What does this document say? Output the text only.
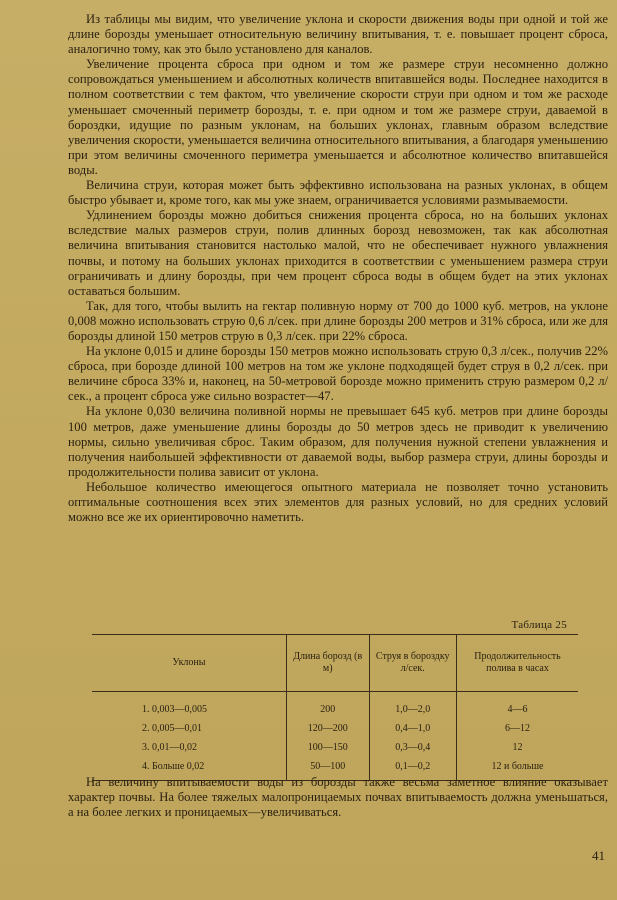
Из таблицы мы видим, что увеличение уклона и скорости движения воды при одной и той же длине борозды уменьшает относительную величину впитывания, т. е. повышает процент сброса, аналогично тому, как это было установлено для каналов.

Увеличение процента сброса при одном и том же размере струи несомненно должно сопровождаться уменьшением и абсолютных количеств впитавшейся воды. Последнее находится в полном соответствии с тем фактом, что увеличение скорости струи при одном и том же расходе уменьшает смоченный периметр борозды, т. е. при одном и том же размере струи, даваемой в бороздки, идущие по разным уклонам, на больших уклонах, главным образом вследствие увеличения скорости, уменьшается величина относительного впитывания, а благодаря уменьшению при этом величины смоченного периметра уменьшается и абсолютное количество впитавшейся воды.

Величина струи, которая может быть эффективно использована на разных уклонах, в общем быстро убывает и, кроме того, как мы уже знаем, ограничивается условиями размываемости.

Удлинением борозды можно добиться снижения процента сброса, но на больших уклонах вследствие малых размеров струи, полив длинных борозд невозможен, так как абсолютная величина впитывания становится настолько малой, что не обеспечивает нужного увлажнения почвы, и потому на больших уклонах приходится в соответствии с уменьшением размера струи ограничивать и длину борозды, при чем процент сброса воды в общем будет на этих уклонах оставаться большим.

Так, для того, чтобы вылить на гектар поливную норму от 700 до 1000 куб. метров, на уклоне 0,008 можно использовать струю 0,6 л/сек. при длине борозды 200 метров и 31% сброса, или же для борозды длиной 150 метров струю в 0,3 л/сек. при 22% сброса.

На уклоне 0,015 и длине борозды 150 метров можно использовать струю 0,3 л/сек., получив 22% сброса, при борозде длиной 100 метров на том же уклоне подходящей будет струя в 0,2 л/сек. при величине сброса 33% и, наконец, на 50-метровой борозде можно применить струю размером 0,2 л/сек., а процент сброса уже сильно возрастет—47.

На уклоне 0,030 величина поливной нормы не превышает 645 куб. метров при длине борозды 100 метров, даже уменьшение длины борозды до 50 метров здесь не приводит к увеличению нормы, сильно увеличивая сброс. Таким образом, для получения нужной степени увлажнения и получения наибольшей эффективности от даваемой воды, выбор размера струи, длины борозды и продолжительности полива зависит от уклона.

Небольшое количество имеющегося опытного материала не позволяет точно установить оптимальные соотношения всех этих элементов для разных условий, но для средних условий можно все же их ориентировочно наметить.

Таблица 25
Уклоны	Длина борозд (в м)	Струя в бороздку л/сек.	Продолжительность полива в часах
1. 0,003—0,005	200	1,0—2,0	4—6
2. 0,005—0,01	120—200	0,4—1,0	6—12
3. 0,01—0,02	100—150	0,3—0,4	12
4. Больше 0,02	50—100	0,1—0,2	12 и больше

На величину впитываемости воды из борозды также весьма заметное влияние оказывает характер почвы. На более тяжелых малопроницаемых почвах впитываемость должна уменьшаться, а на более легких и проницаемых—увеличиваться.

41
